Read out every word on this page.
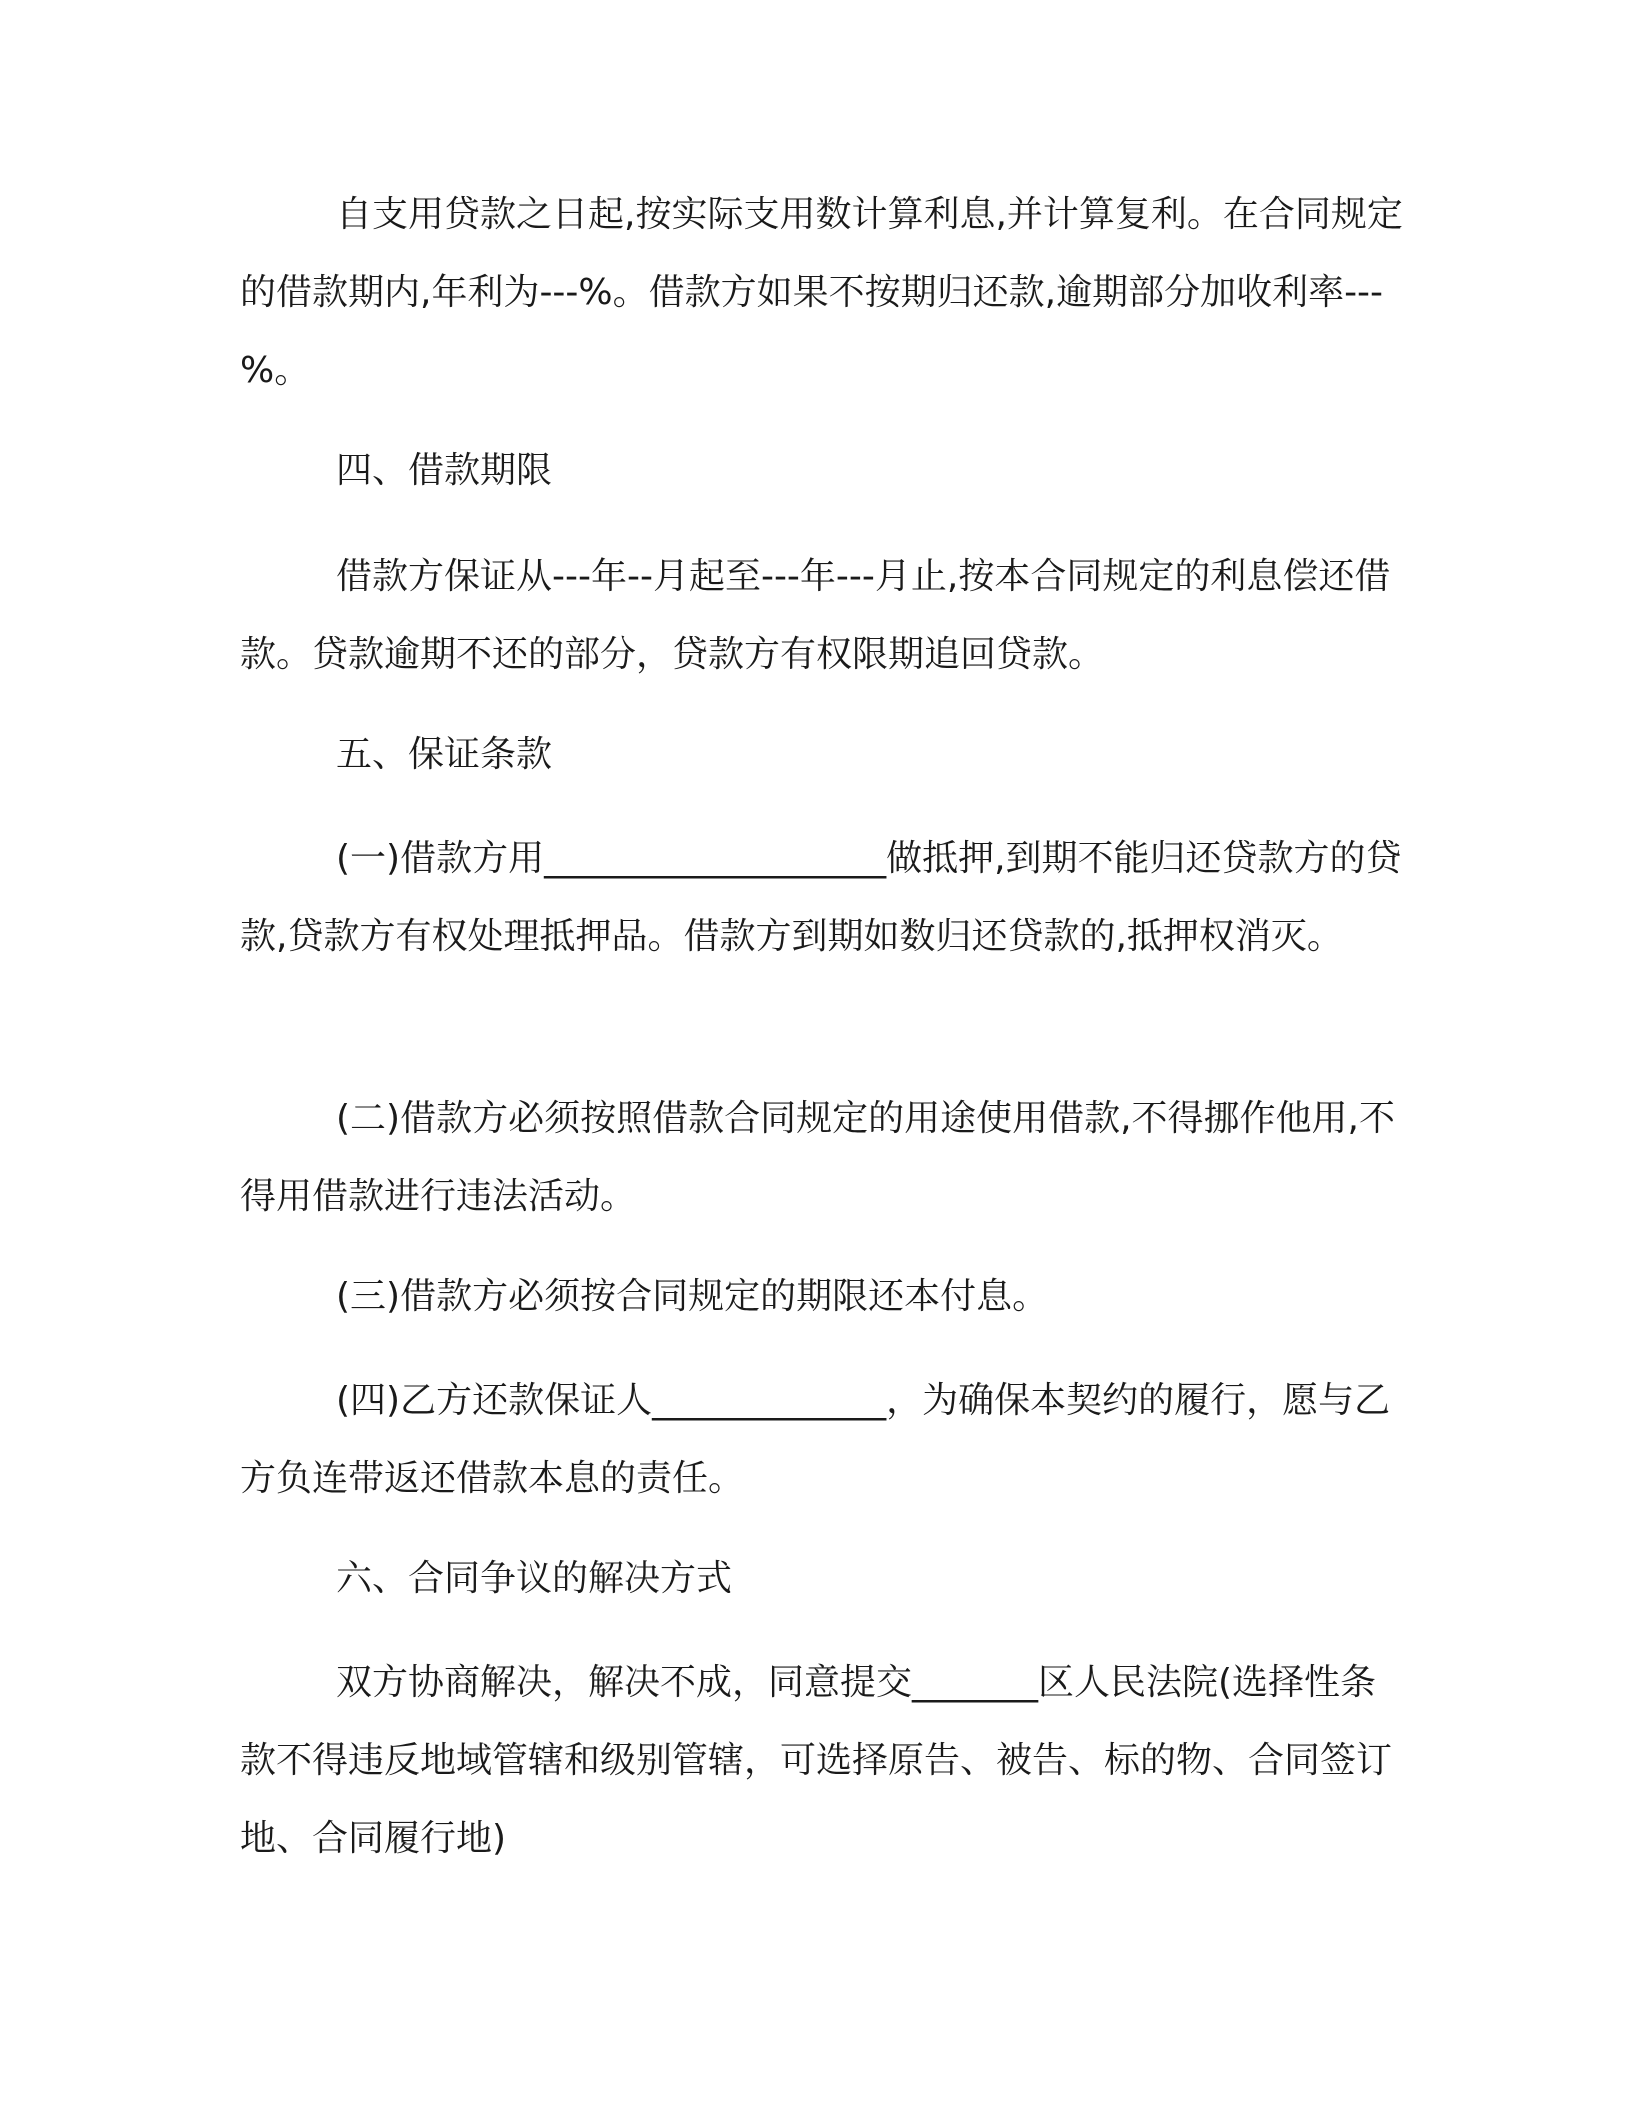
自支用贷款之日起,按实际支用数计算利息,并计算复利。在合同规定的借款期内,年利为---%。借款方如果不按期归还款,逾期部分加收利率---%。

四、借款期限

借款方保证从---年--月起至---年---月止,按本合同规定的利息偿还借款。贷款逾期不还的部分，贷款方有权限期追回贷款。

五、保证条款

(一)借款方用___________________做抵押,到期不能归还贷款方的贷款,贷款方有权处理抵押品。借款方到期如数归还贷款的,抵押权消灭。

(二)借款方必须按照借款合同规定的用途使用借款,不得挪作他用,不得用借款进行违法活动。

(三)借款方必须按合同规定的期限还本付息。

(四)乙方还款保证人_____________，为确保本契约的履行，愿与乙方负连带返还借款本息的责任。

六、合同争议的解决方式

双方协商解决，解决不成，同意提交_______区人民法院(选择性条款不得违反地域管辖和级别管辖，可选择原告、被告、标的物、合同签订地、合同履行地)
